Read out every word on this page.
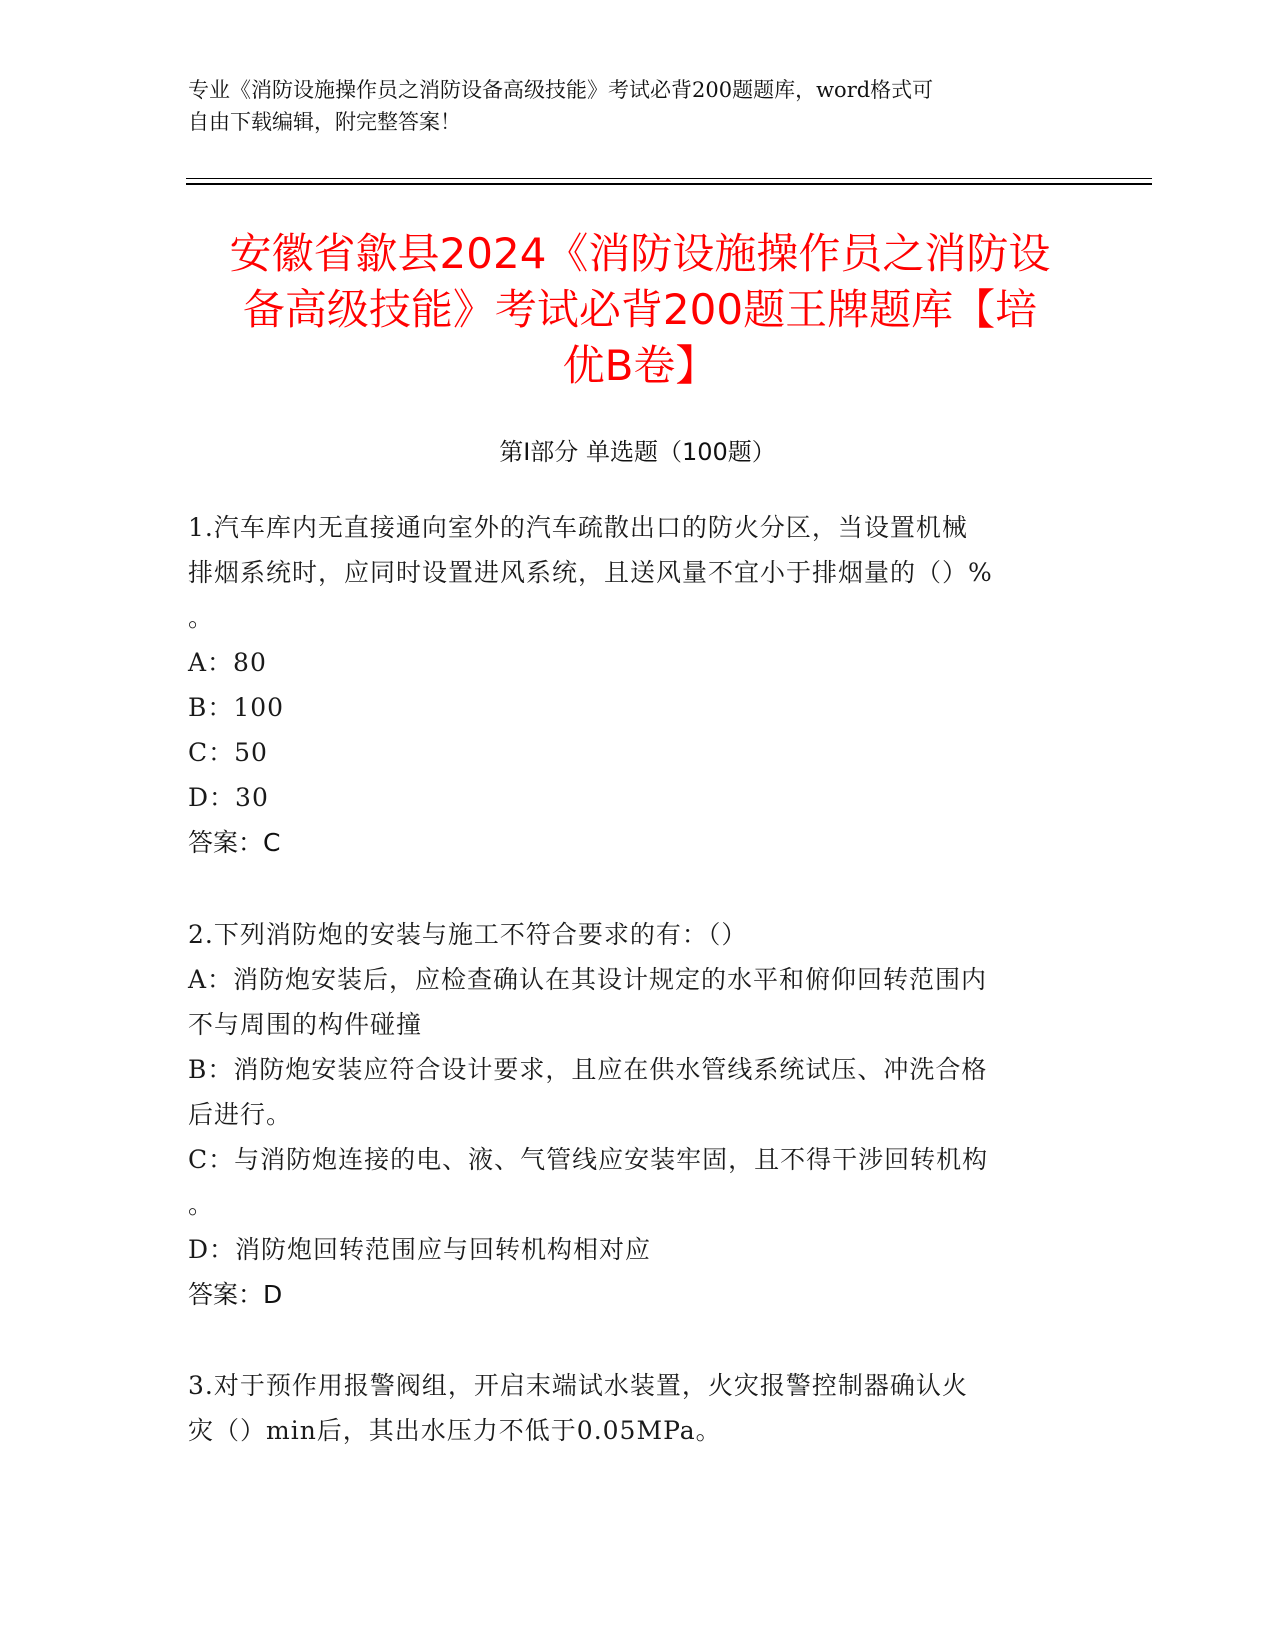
专业《消防设施操作员之消防设备高级技能》考试必背200题题库，word格式可
自由下载编辑，附完整答案！
安徽省歙县2024《消防设施操作员之消防设
备高级技能》考试必背200题王牌题库【培
优B卷】
第Ⅰ部分 单选题（100题）
1.汽车库内无直接通向室外的汽车疏散出口的防火分区，当设置机械
排烟系统时，应同时设置进风系统，且送风量不宜小于排烟量的（）%
。
A：80
B：100
C：50
D：30
答案：C
2.下列消防炮的安装与施工不符合要求的有：（）
A：消防炮安装后，应检查确认在其设计规定的水平和俯仰回转范围内
不与周围的构件碰撞
B：消防炮安装应符合设计要求，且应在供水管线系统试压、冲洗合格
后进行。
C：与消防炮连接的电、液、气管线应安装牢固，且不得干涉回转机构
。
D：消防炮回转范围应与回转机构相对应
答案：D
3.对于预作用报警阀组，开启末端试水装置，火灾报警控制器确认火
灾（）min后，其出水压力不低于0.05MPa。
